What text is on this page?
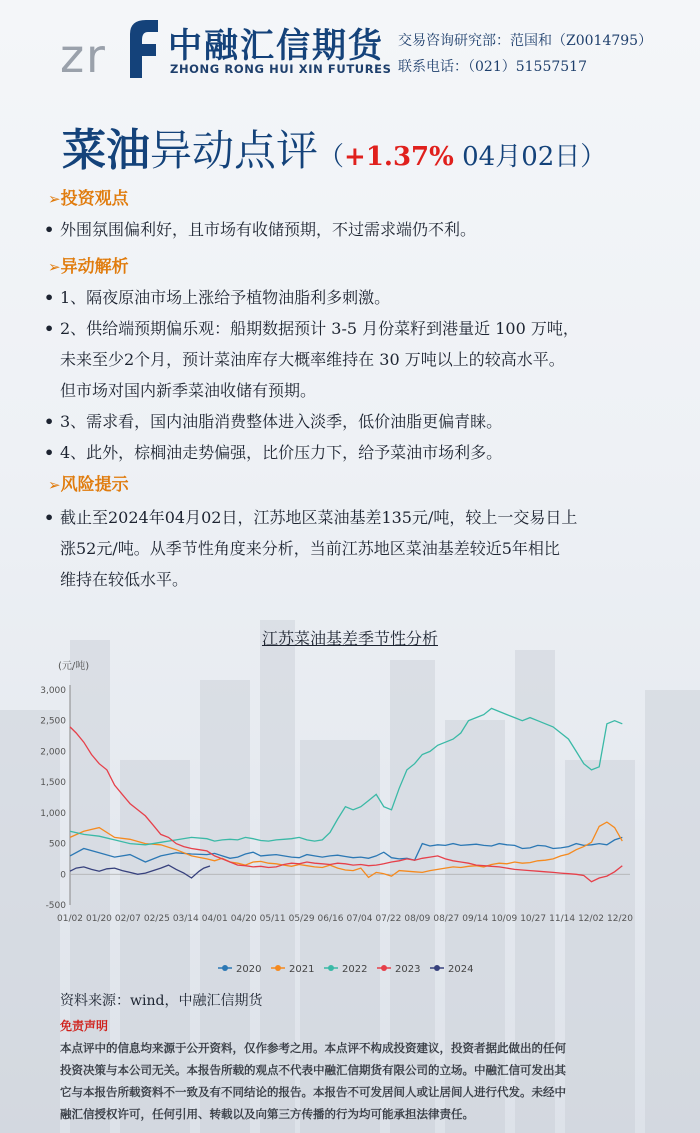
z r 中融汇信期货
ZHONG RONG HUI XIN FUTURES
交易咨询研究部：范国和（Z0014795）
联系电话：（021）51557517
菜油异动点评（+1.37% 04月02日）
➢投资观点
• 外围氛围偏利好，且市场有收储预期，不过需求端仍不利。
➢异动解析
• 1、隔夜原油市场上涨给予植物油脂利多刺激。
• 2、供给端预期偏乐观：船期数据预计 3-5 月份菜籽到港量近 100 万吨，
未来至少2个月，预计菜油库存大概率维持在 30 万吨以上的较高水平。
但市场对国内新季菜油收储有预期。
• 3、需求看，国内油脂消费整体进入淡季，低价油脂更偏青睐。
• 4、此外，棕榈油走势偏强，比价压力下，给予菜油市场利多。
➢风险提示
• 截止至2024年04月02日，江苏地区菜油基差135元/吨，较上一交易日上
涨52元/吨。从季节性角度来分析，当前江苏地区菜油基差较近5年相比
维持在较低水平。
江苏菜油基差季节性分析
(元/吨)
3,000
2,500
2,000
1,500
1,000
500
0
-500
01/02 01/20 02/07 02/25 03/14 04/01 04/20 05/11 05/29 06/16 07/04 07/22 08/09 08/27 09/14 10/09 10/27 11/14 12/02 12/20
2020	2021	2022	2023	2024
资料来源：wind，中融汇信期货
免责声明
本点评中的信息均来源于公开资料，仅作参考之用。本点评不构成投资建议，投资者据此做出的任何
投资决策与本公司无关。本报告所载的观点不代表中融汇信期货有限公司的立场。中融汇信可发出其
它与本报告所载资料不一致及有不同结论的报告。本报告不可发居间人或让居间人进行代发。未经中
融汇信授权许可，任何引用、转载以及向第三方传播的行为均可能承担法律责任。
